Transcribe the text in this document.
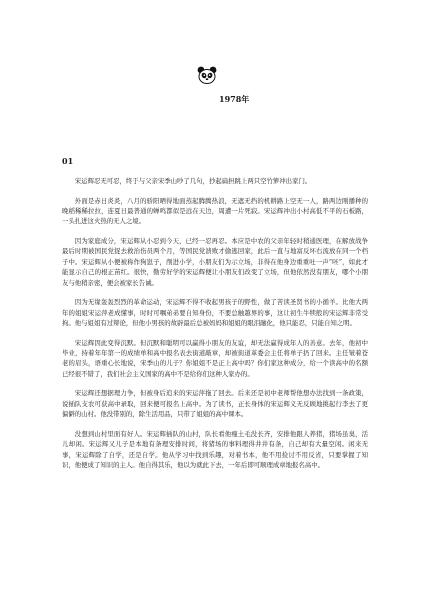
1978年
01

宋运辉忍无可忍，终于与父亲宋季山吵了几句，抄起扁担跳上两只空竹箩冲出家门。

外面是赤日炎炎，八月的骄阳晒得地面蒸起腾腾热浪，无遮无挡的机耕路上空无一人，路两边刚播种的晚稻稀稀拉拉，连夏日最普通的蝉鸣都似是远在天边，周遭一片死寂。宋运辉冲出小村高低不平的石板路，一头扎进这火热的无人之境。

因为家庭成分，宋运辉从小忍到今天，已经一忍再忍。本应是中农的父亲年轻时稍通医理，在解放战争最后时期被国民党捉去救治伤员两个月，等国民党溃败才偷逃回家，此后一直与地富反坏右流放在同一个档子中。宋运辉从小便被称作狗崽子，削进小学，小朋友们为示立场，非得在他身边重重吐一声“呸”，如此才能显示自己的根正苗红。很快，勤劳好学的宋运辉便让小朋友们改变了立场，但他依然没有朋友，哪个小朋友与他稍亲密，便会被家长告诫。

因为无缘轰轰烈烈的革命运动，宋运辉不得不收起男孩子的野性，做了苦读圣贤书的小循羊。比他大两年的姐姐宋运萍老成懂事，时时可嘱弟弟要自知身份，不要总触越界的事，这让初生牛犊般的宋运辉非常受拘。他与姐姐有过辩论，但他小男孩的故辟最后总被妈妈和姐姐的眼泪融化，他只能忍，只能自知之明。

宋运辉因此变得沉默。但沉默和聪明可以赢得小朋友的友谊，却无法赢得成年人的善意。去年，他初中毕业，持着年年第一的成绩单和高中报名表去街道敲章，却被街道革委会主任将单子扔了回来。主任皱着苍老的眉头，语重心长地说，宋季山的儿子？你姐姐不是正上高中吗？你们家这种成分，给一个读高中的名额已经很不错了，我们社会主义国家的高中不是给你们这种人家办的。

宋运辉还想据理力争，但被身后追来的宋运萍拖了回去。后来还是初中老师帮他想办法找到一条政策，说插队支农可获高中录取，回来便可报名上高中。为了读书，正长身体的宋运辉义无反顾地挑起行李去了更偏僻的山村。他没带别的，除生活用品，只带了姐姐的高中课本。

没想到山村里面有好人。宋运辉插队的山村，队长看他瘦土毛没长齐，安排他跟人养猪，猪场虽臭，活儿却闲。宋运辉又儿子是本地有条理安排时间，将猪场的事料理得井井有条，自己却有大量空闲。闲来无事，宋运辉除了自学，还是自学。他从学习中找到乐趣，对着书本，他不用捡讨不用反省，只要掌握了知识，他便成了知识的主人。他自得其乐，他以为就此下去，一年后即可顺理成章地报名高中。
